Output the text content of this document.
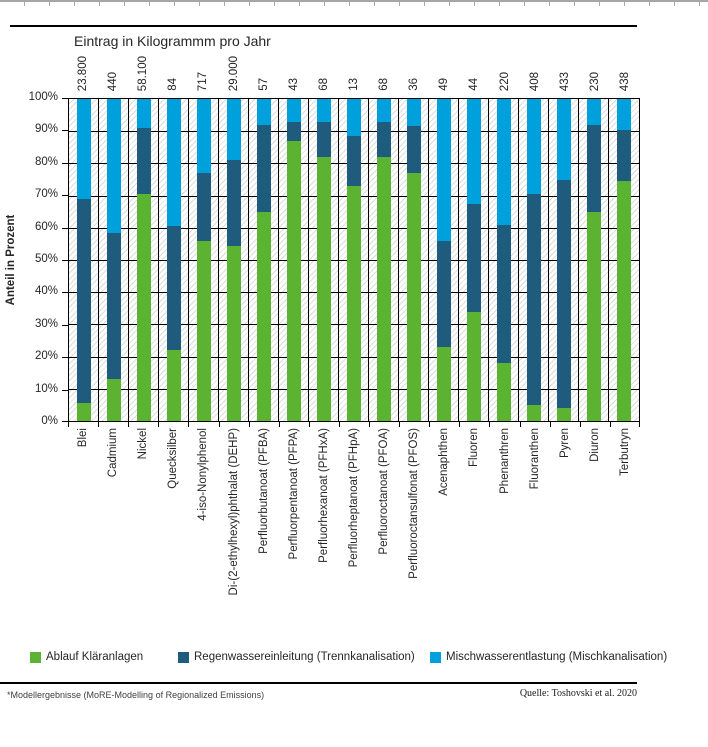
Eintrag in Kilogrammm pro Jahr
23.800 440 58.100 84 717 29.000 57 43 68 13 68 36 49 44 220 408 433 230 438
Anteil in Prozent
0%
10%
20%
30%
40%
50%
60%
70%
80%
90%
100%
Blei Cadmium Nickel Quecksilber 4-iso-Nonylphenol Di-(2-ethylhexyl)phthalat (DEHP) Perfluorbutanoat (PFBA) Perfluorpentanoat (PFPA) Perfluorhexanoat (PFHxA) Perfluorheptanoat (PFHpA) Perfluoroctanoat (PFOA) Perfluoroctansulfonat (PFOS) Acenaphthen Fluoren Phenanthren Fluoranthen Pyren Diuron Terbutryn
Ablauf Kläranlagen	Regenwassereinleitung (Trennkanalisation)	Mischwasserentlastung (Mischkanalisation)
*Modellergebnisse (MoRE-Modelling of Regionalized Emissions)	Quelle: Toshovski et al. 2020
